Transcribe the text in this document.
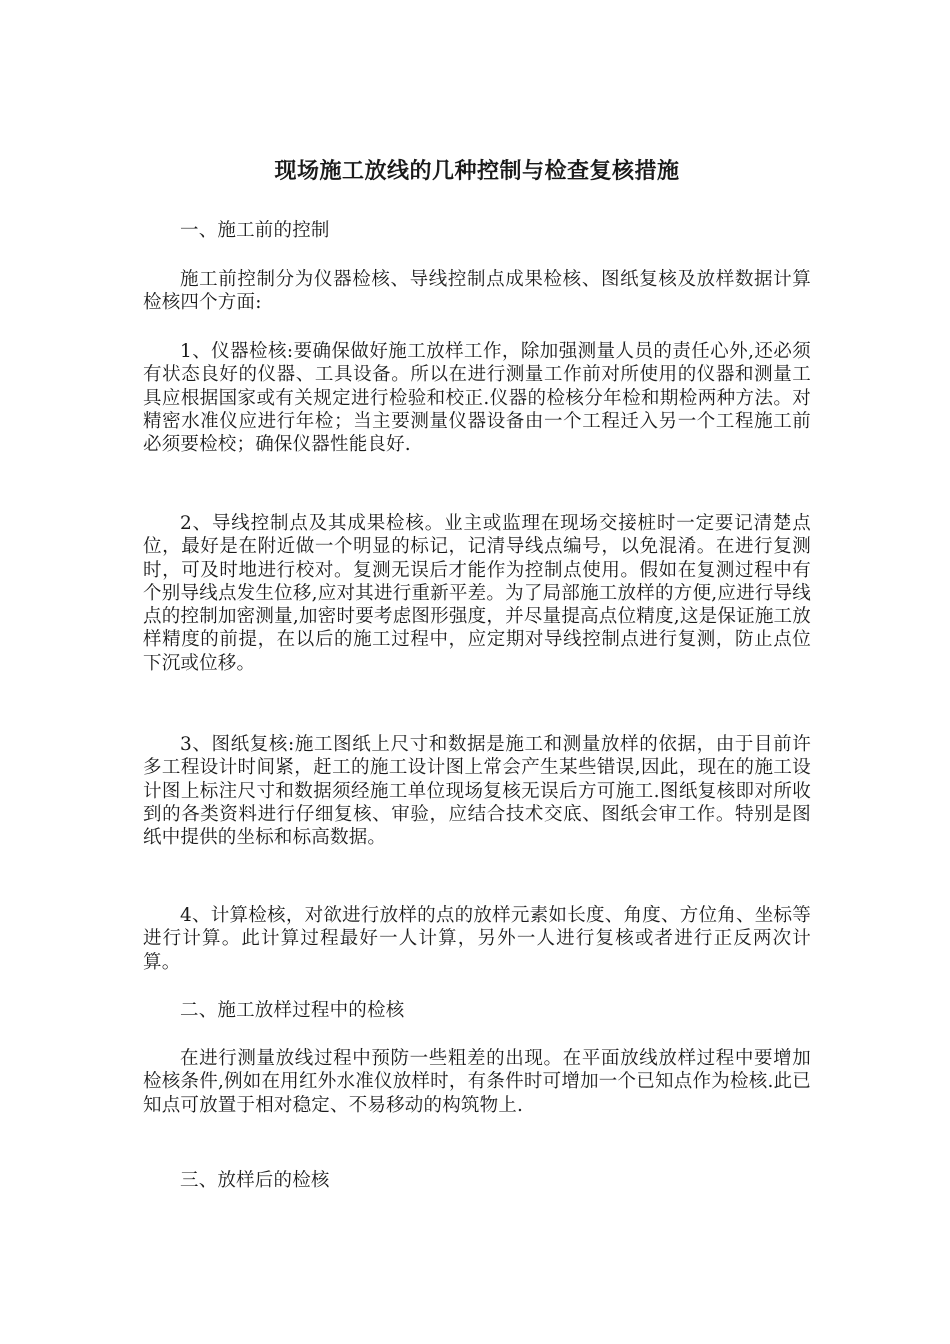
现场施工放线的几种控制与检查复核措施

一、施工前的控制

施工前控制分为仪器检核、导线控制点成果检核、图纸复核及放样数据计算检核四个方面:

1、仪器检核:要确保做好施工放样工作，除加强测量人员的责任心外,还必须有状态良好的仪器、工具设备。所以在进行测量工作前对所使用的仪器和测量工具应根据国家或有关规定进行检验和校正.仪器的检核分年检和期检两种方法。对精密水准仪应进行年检；当主要测量仪器设备由一个工程迁入另一个工程施工前必须要检校；确保仪器性能良好.

2、导线控制点及其成果检核。业主或监理在现场交接桩时一定要记清楚点位，最好是在附近做一个明显的标记，记清导线点编号，以免混淆。在进行复测时，可及时地进行校对。复测无误后才能作为控制点使用。假如在复测过程中有个别导线点发生位移,应对其进行重新平差。为了局部施工放样的方便,应进行导线点的控制加密测量,加密时要考虑图形强度，并尽量提高点位精度,这是保证施工放样精度的前提，在以后的施工过程中，应定期对导线控制点进行复测，防止点位下沉或位移。

3、图纸复核:施工图纸上尺寸和数据是施工和测量放样的依据，由于目前许多工程设计时间紧，赶工的施工设计图上常会产生某些错误,因此，现在的施工设计图上标注尺寸和数据须经施工单位现场复核无误后方可施工.图纸复核即对所收到的各类资料进行仔细复核、审验，应结合技术交底、图纸会审工作。特别是图纸中提供的坐标和标高数据。

4、计算检核，对欲进行放样的点的放样元素如长度、角度、方位角、坐标等进行计算。此计算过程最好一人计算，另外一人进行复核或者进行正反两次计算。

二、施工放样过程中的检核

在进行测量放线过程中预防一些粗差的出现。在平面放线放样过程中要增加检核条件,例如在用红外水准仪放样时，有条件时可增加一个已知点作为检核.此已知点可放置于相对稳定、不易移动的构筑物上.

三、放样后的检核
